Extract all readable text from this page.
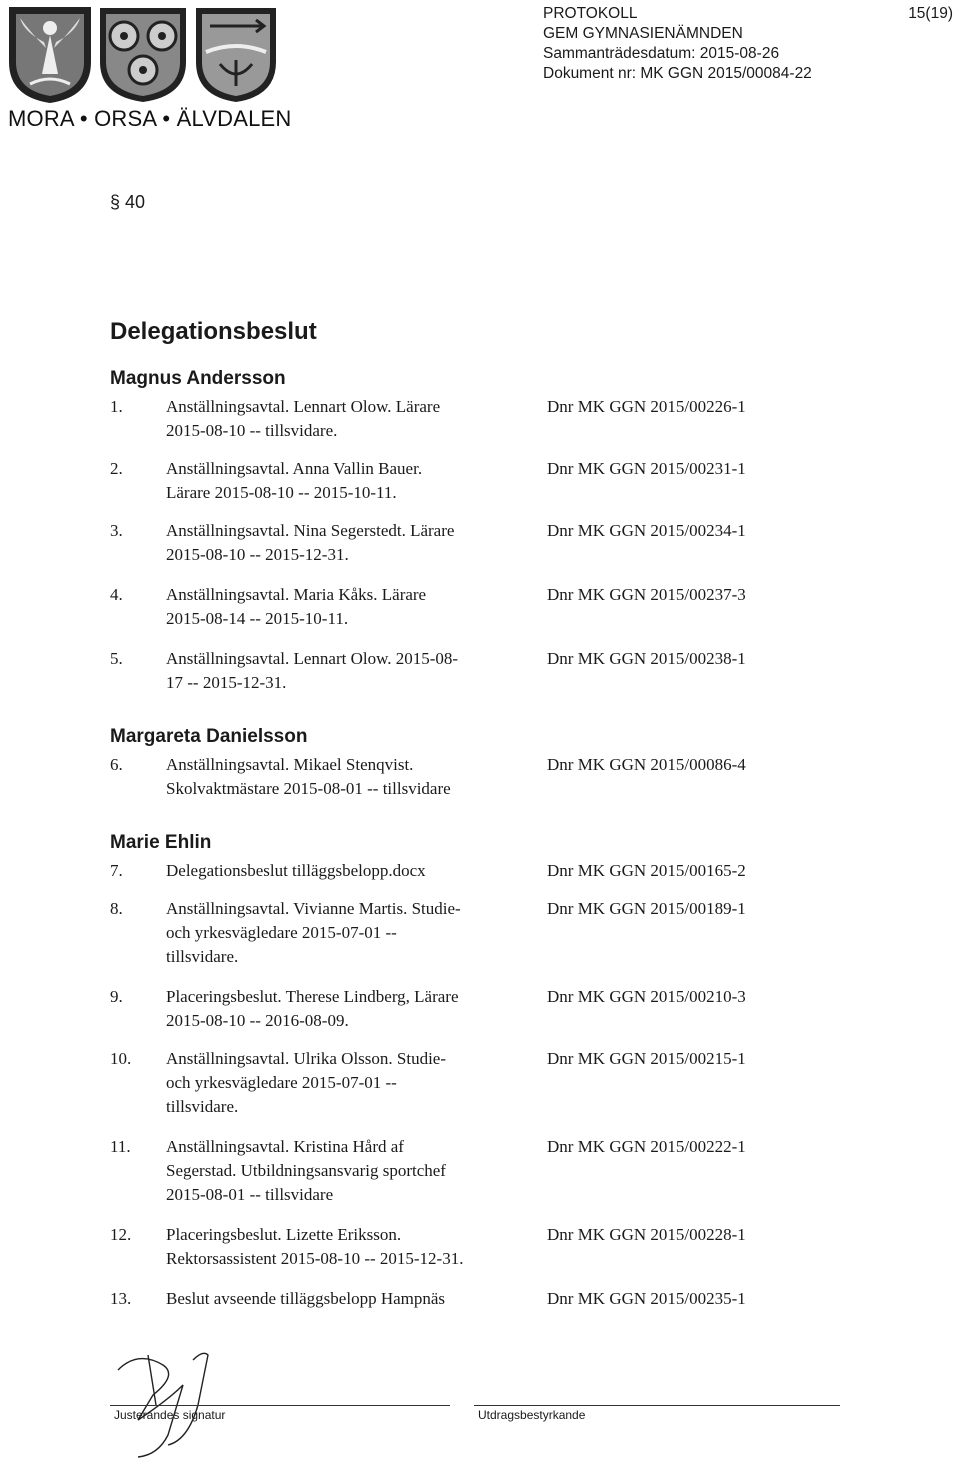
MORA • ORSA • ÄLVDALEN
PROTOKOLL
GEM GYMNASIENÄMNDEN
Sammanträdesdatum: 2015-08-26
Dokument nr: MK GGN 2015/00084-22
15(19)
§ 40
Delegationsbeslut
Magnus Andersson
1.	Anställningsavtal. Lennart Olow. Lärare
2015-08-10 -- tillsvidare.
Dnr MK GGN 2015/00226-1
2.	Anställningsavtal. Anna Vallin Bauer.
Lärare 2015-08-10 -- 2015-10-11.
Dnr MK GGN 2015/00231-1
3.	Anställningsavtal. Nina Segerstedt. Lärare
2015-08-10 -- 2015-12-31.
Dnr MK GGN 2015/00234-1
4.	Anställningsavtal. Maria Kåks. Lärare
2015-08-14 -- 2015-10-11.
Dnr MK GGN 2015/00237-3
5.	Anställningsavtal. Lennart Olow. 2015-08-
17 -- 2015-12-31.
Dnr MK GGN 2015/00238-1
Margareta Danielsson
6.	Anställningsavtal. Mikael Stenqvist.
Skolvaktmästare 2015-08-01 -- tillsvidare
Dnr MK GGN 2015/00086-4
Marie Ehlin
7.	Delegationsbeslut tilläggsbelopp.docx	Dnr MK GGN 2015/00165-2
8.	Anställningsavtal. Vivianne Martis. Studie-
och yrkesvägledare 2015-07-01 --
tillsvidare.
Dnr MK GGN 2015/00189-1
9.	Placeringsbeslut. Therese Lindberg, Lärare
2015-08-10 -- 2016-08-09.
Dnr MK GGN 2015/00210-3
10. Anställningsavtal. Ulrika Olsson. Studie-
och yrkesvägledare 2015-07-01 --
tillsvidare.
Dnr MK GGN 2015/00215-1
11. Anställningsavtal. Kristina Hård af
Segerstad. Utbildningsansvarig sportchef
2015-08-01 -- tillsvidare
Dnr MK GGN 2015/00222-1
12. Placeringsbeslut. Lizette Eriksson.
Rektorsassistent 2015-08-10 -- 2015-12-31.
Dnr MK GGN 2015/00228-1
13. Beslut avseende tilläggsbelopp Hampnäs	Dnr MK GGN 2015/00235-1
Justerandes signatur	Utdragsbestyrkande
